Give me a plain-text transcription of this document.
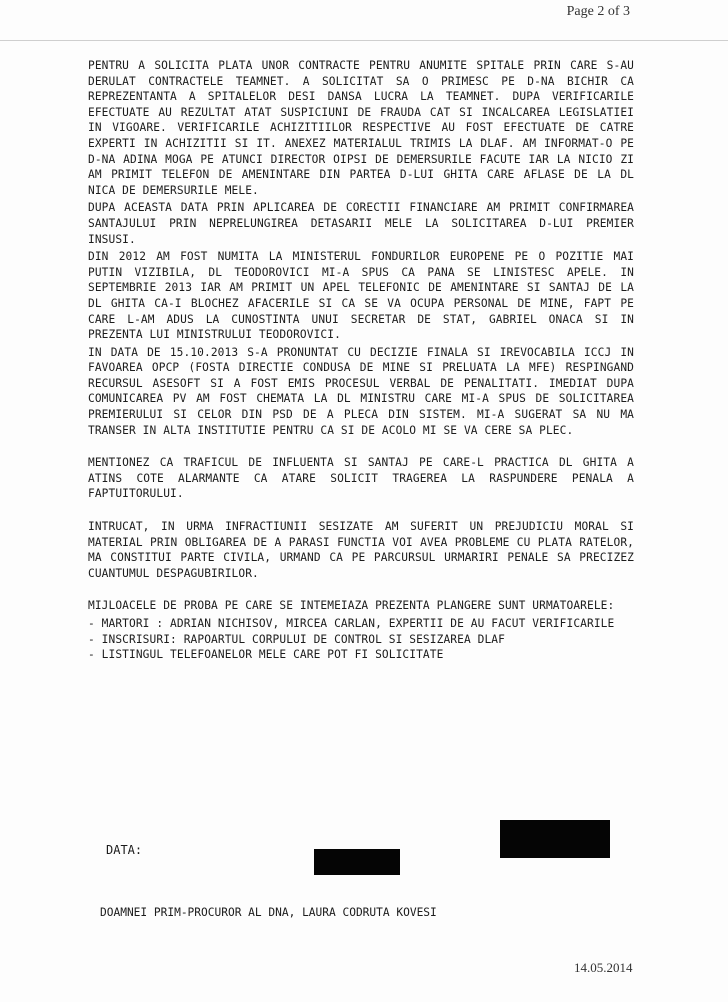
Page 2 of 3

PENTRU A SOLICITA PLATA UNOR CONTRACTE PENTRU ANUMITE SPITALE PRIN CARE S-AU DERULAT CONTRACTELE TEAMNET. A SOLICITAT SA O PRIMESC PE D-NA BICHIR CA REPREZENTANTA A SPITALELOR DESI DANSA LUCRA LA TEAMNET. DUPA VERIFICARILE EFECTUATE AU REZULTAT ATAT SUSPICIUNI DE FRAUDA CAT SI INCALCAREA LEGISLATIEI IN VIGOARE. VERIFICARILE ACHIZITIILOR RESPECTIVE AU FOST EFECTUATE DE CATRE EXPERTI IN ACHIZITII SI IT. ANEXEZ MATERIALUL TRIMIS LA DLAF. AM INFORMAT-O PE D-NA ADINA MOGA PE ATUNCI DIRECTOR OIPSI DE DEMERSURILE FACUTE IAR LA NICIO ZI AM PRIMIT TELEFON DE AMENINTARE DIN PARTEA D-LUI GHITA CARE AFLASE DE LA DL NICA DE DEMERSURILE MELE.

DUPA ACEASTA DATA PRIN APLICAREA DE CORECTII FINANCIARE AM PRIMIT CONFIRMAREA SANTAJULUI PRIN NEPRELUNGIREA DETASARII MELE LA SOLICITAREA D-LUI PREMIER INSUSI.

DIN 2012 AM FOST NUMITA LA MINISTERUL FONDURILOR EUROPENE PE O POZITIE MAI PUTIN VIZIBILA, DL TEODOROVICI MI-A SPUS CA PANA SE LINISTESC APELE. IN SEPTEMBRIE 2013 IAR AM PRIMIT UN APEL TELEFONIC DE AMENINTARE SI SANTAJ DE LA DL GHITA CA-I BLOCHEZ AFACERILE SI CA SE VA OCUPA PERSONAL DE MINE, FAPT PE CARE L-AM ADUS LA CUNOSTINTA UNUI SECRETAR DE STAT, GABRIEL ONACA SI IN PREZENTA LUI MINISTRULUI TEODOROVICI.

IN DATA DE 15.10.2013 S-A PRONUNTAT CU DECIZIE FINALA SI IREVOCABILA ICCJ IN FAVOAREA OPCP (FOSTA DIRECTIE CONDUSA DE MINE SI PRELUATA LA MFE) RESPINGAND RECURSUL ASESOFT SI A FOST EMIS PROCESUL VERBAL DE PENALITATI. IMEDIAT DUPA COMUNICAREA PV AM FOST CHEMATA LA DL MINISTRU CARE MI-A SPUS DE SOLICITAREA PREMIERULUI SI CELOR DIN PSD DE A PLECA DIN SISTEM. MI-A SUGERAT SA NU MA TRANSER IN ALTA INSTITUTIE PENTRU CA SI DE ACOLO MI SE VA CERE SA PLEC.

MENTIONEZ CA TRAFICUL DE INFLUENTA SI SANTAJ PE CARE-L PRACTICA DL GHITA A ATINS COTE ALARMANTE CA ATARE SOLICIT TRAGEREA LA RASPUNDERE PENALA A FAPTUITORULUI.

INTRUCAT, IN URMA INFRACTIUNII SESIZATE AM SUFERIT UN PREJUDICIU MORAL SI MATERIAL PRIN OBLIGAREA DE A PARASI FUNCTIA VOI AVEA PROBLEME CU PLATA RATELOR, MA CONSTITUI PARTE CIVILA, URMAND CA PE PARCURSUL URMARIRI PENALE SA PRECIZEZ CUANTUMUL DESPAGUBIRILOR.

MIJLOACELE DE PROBA PE CARE SE INTEMEIAZA PREZENTA PLANGERE SUNT URMATOARELE:

- MARTORI : ADRIAN NICHISOV, MIRCEA CARLAN, EXPERTII DE AU FACUT VERIFICARILE

- INSCRISURI: RAPOARTUL CORPULUI DE CONTROL SI SESIZAREA DLAF

- LISTINGUL TELEFOANELOR MELE CARE POT FI SOLICITATE

DATA:
DOAMNEI PRIM-PROCUROR AL DNA, LAURA CODRUTA KOVESI
14.05.2014
